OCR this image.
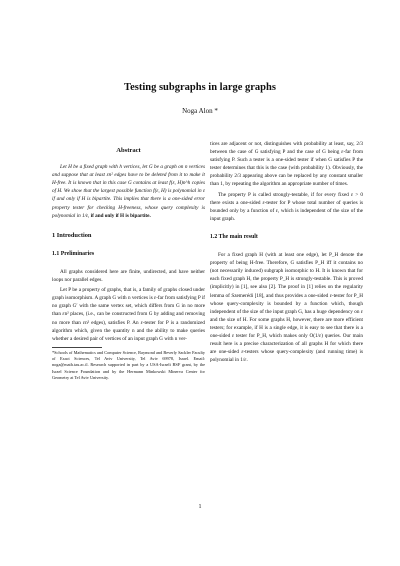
Testing subgraphs in large graphs
Noga Alon *
Abstract

Let H be a fixed graph with h vertices, let G be a graph on n vertices and suppose that at least εn² edges have to be deleted from it to make it H-free. It is known that in this case G contains at least f(ε, H)n^h copies of H. We show that the largest possible function f(ε, H) is polynomial in ε if and only if H is bipartite. This implies that there is a one-sided error property tester for checking H-freeness, whose query complexity is polynomial in 1/ε, if and only if H is bipartite.

1 Introduction
1.1 Preliminaries

All graphs considered here are finite, undirected, and have neither loops nor parallel edges.

Let P be a property of graphs, that is, a family of graphs closed under graph isomorphism. A graph G with n vertices is ε-far from satisfying P if no graph G′ with the same vertex set, which differs from G in no more than εn² places, (i.e., can be constructed from G by adding and removing no more than εn² edges), satisfies P. An ε-tester for P is a randomized algorithm which, given the quantity n and the ability to make queries whether a desired pair of vertices of an input graph G with n ver-

*Schools of Mathematics and Computer Science, Raymond and Beverly Sackler Faculty of Exact Sciences, Tel Aviv University, Tel Aviv 69978, Israel. Email: noga@math.tau.ac.il. Research supported in part by a USA-Israeli BSF grant, by the Israel Science Foundation and by the Hermann Minkowski Minerva Center for Geometry at Tel Aviv University.

tices are adjacent or not, distinguishes with probability at least, say, 2/3 between the case of G satisfying P and the case of G being ε-far from satisfying P. Such a tester is a one-sided tester if when G satisfies P the tester determines that this is the case (with probability 1). Obviously, the probability 2/3 appearing above can be replaced by any constant smaller than 1, by repeating the algorithm an appropriate number of times.

The property P is called strongly-testable, if for every fixed ε > 0 there exists a one-sided ε-tester for P whose total number of queries is bounded only by a function of ε, which is independent of the size of the input graph.

1.2 The main result

For a fixed graph H (with at least one edge), let P_H denote the property of being H-free. Therefore, G satisfies P_H iff it contains no (not necessarily induced) subgraph isomorphic to H. It is known that for each fixed graph H, the property P_H is strongly-testable. This is proved (implicitly) in [1], see also [2]. The proof in [1] relies on the regularity lemma of Szemerédi [18], and thus provides a one-sided ε-tester for P_H whose query-complexity is bounded by a function which, though independent of the size of the input graph G, has a huge dependency on ε and the size of H. For some graphs H, however, there are more efficient testers; for example, if H is a single edge, it is easy to see that there is a one-sided ε tester for P_H, which makes only O(1/ε) queries. Our main result here is a precise characterization of all graphs H for which there are one-sided ε-testers whose query-complexity (and running time) is polynomial in 1/ε.

1
